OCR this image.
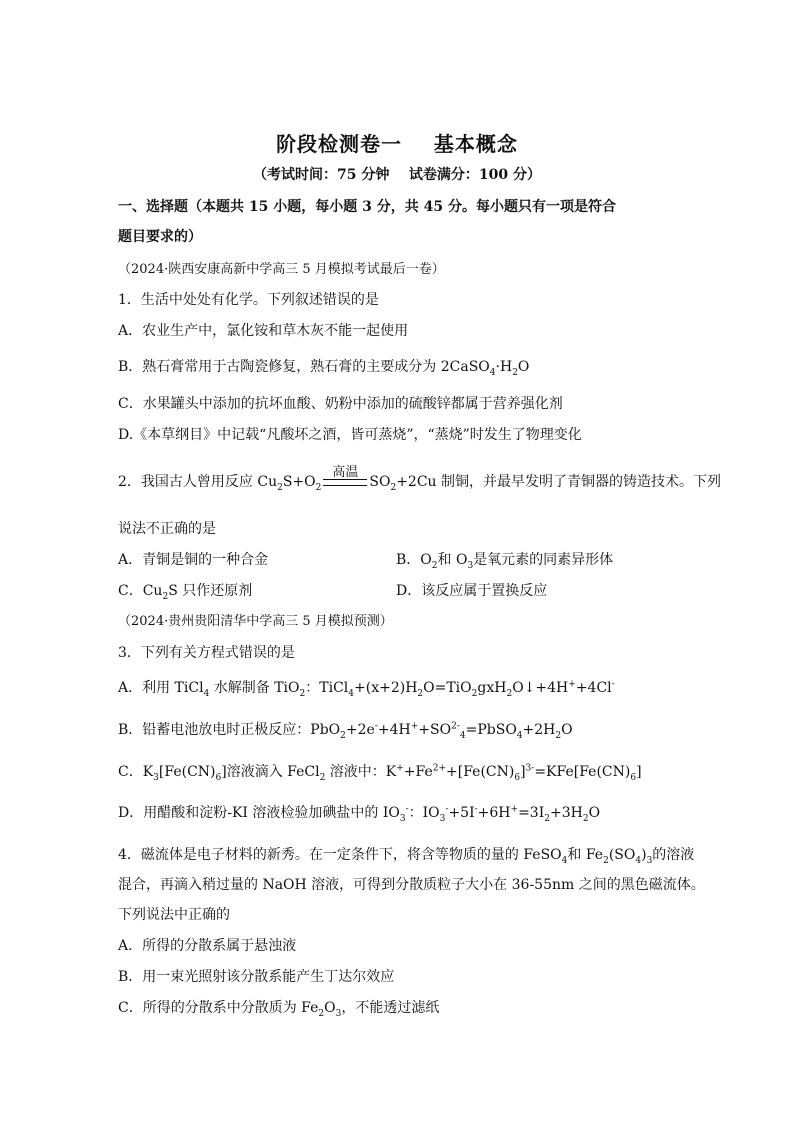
阶段检测卷一    基本概念
（考试时间：75 分钟    试卷满分：100 分）
一、选择题（本题共 15 小题，每小题 3 分，共 45 分。每小题只有一项是符合
题目要求的）
（2024·陕西安康高新中学高三 5 月模拟考试最后一卷）
1．生活中处处有化学。下列叙述错误的是
A．农业生产中，氯化铵和草木灰不能一起使用
B．熟石膏常用于古陶瓷修复，熟石膏的主要成分为 $2CaSO_4\cdot H_2O$
C．水果罐头中添加的抗坏血酸、奶粉中添加的硫酸锌都属于营养强化剂
D.《本草纲目》中记载“凡酸坏之酒，皆可蒸烧”，“蒸烧”时发生了物理变化
2．我国古人曾用反应 $Cu_2S+O_2$
高温
$SO_2+2Cu$ 制铜，并最早发明了青铜器的铸造技术。下列
说法不正确的是
A．青铜是铜的一种合金	B．$O_2$和 $O_3$是氧元素的同素异形体
C．$Cu_2S$ 只作还原剂	D．该反应属于置换反应
（2024·贵州贵阳清华中学高三 5 月模拟预测）
3．下列有关方程式错误的是
A．利用 TiCl$_4$ 水解制备 TiO$_2$：$TiCl_4+(x+2)H_2O=TiO_2gxH_2O↓+4H^++4Cl^-$
B．铅蓄电池放电时正极反应：$PbO_2+2e^-+4H^++SO^{2-}_4=PbSO_4+2H_2O$
C．$K_3[Fe(CN)_6]$溶液滴入 FeCl$_2$ 溶液中：$K^++Fe^{2+}+[Fe(CN)_6]^{3-}=KFe[Fe(CN)_6]$
D．用醋酸和淀粉-KI 溶液检验加碘盐中的 $IO_3^-$：$IO_3^-+5I^-+6H^+=3I_2+3H_2O$
4．磁流体是电子材料的新秀。在一定条件下，将含等物质的量的 FeSO$_4$和 $Fe_2(SO_4)_3$的溶液
混合，再滴入稍过量的 NaOH 溶液，可得到分散质粒子大小在 36-55nm 之间的黑色磁流体。
下列说法中正确的
A．所得的分散系属于悬浊液
B．用一束光照射该分散系能产生丁达尔效应
C．所得的分散系中分散质为 $Fe_2O_3$，不能透过滤纸
